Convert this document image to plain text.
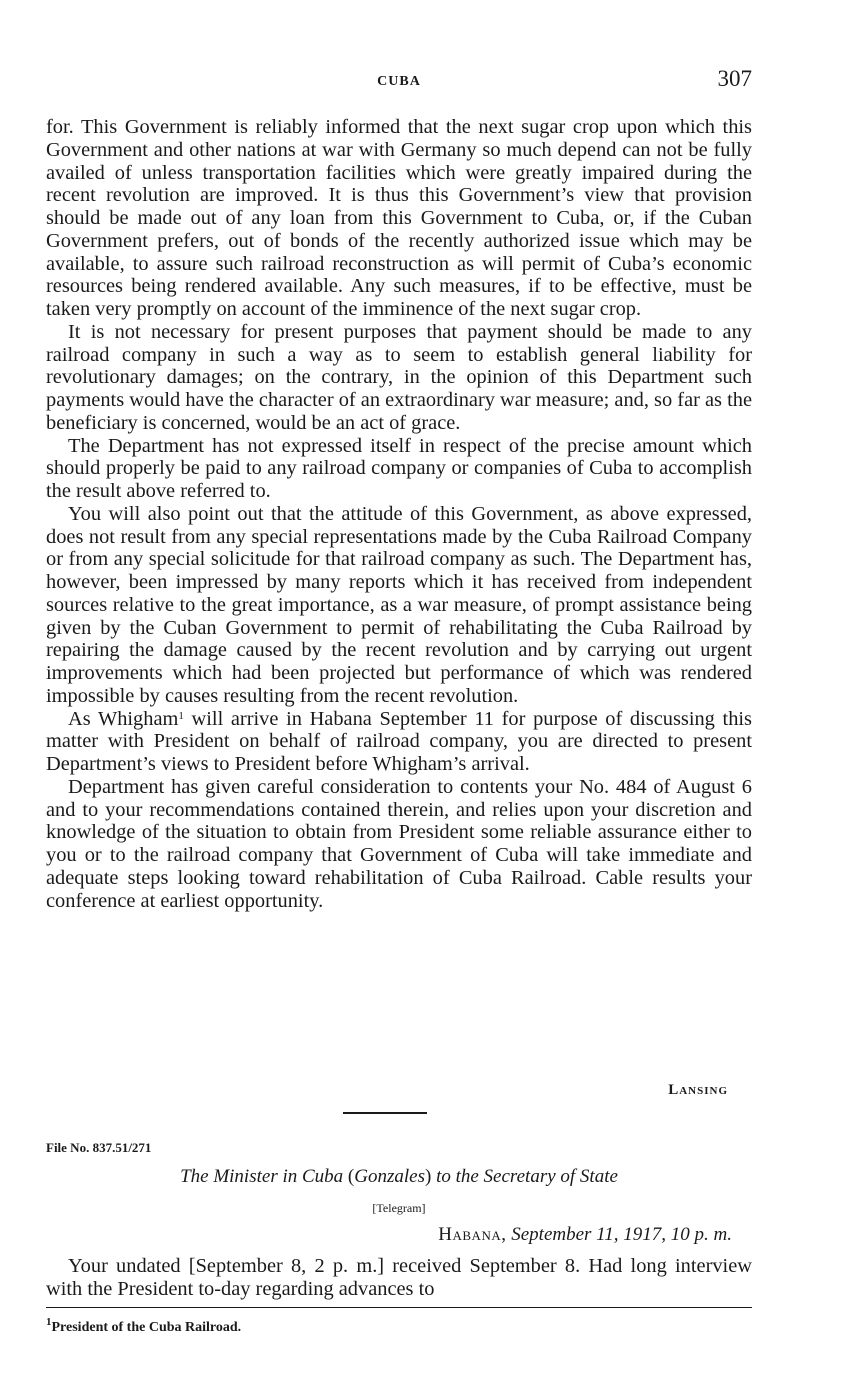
CUBA	307

for. This Government is reliably informed that the next sugar crop upon which this Government and other nations at war with Germany so much depend can not be fully availed of unless transportation facilities which were greatly impaired during the recent revolution are improved. It is thus this Government’s view that provision should be made out of any loan from this Government to Cuba, or, if the Cuban Government prefers, out of bonds of the recently authorized issue which may be available, to assure such railroad reconstruction as will permit of Cuba’s economic resources being rendered available. Any such measures, if to be effective, must be taken very promptly on account of the imminence of the next sugar crop.

It is not necessary for present purposes that payment should be made to any railroad company in such a way as to seem to establish general liability for revolutionary damages; on the contrary, in the opinion of this Department such payments would have the character of an extraordinary war measure; and, so far as the beneficiary is concerned, would be an act of grace.

The Department has not expressed itself in respect of the precise amount which should properly be paid to any railroad company or companies of Cuba to accomplish the result above referred to.

You will also point out that the attitude of this Government, as above expressed, does not result from any special representations made by the Cuba Railroad Company or from any special solicitude for that railroad company as such. The Department has, however, been impressed by many reports which it has received from independent sources relative to the great importance, as a war measure, of prompt assistance being given by the Cuban Government to permit of rehabilitating the Cuba Railroad by repairing the damage caused by the recent revolution and by carrying out urgent improvements which had been projected but performance of which was rendered impossible by causes resulting from the recent revolution.

As Whigham$^1$ will arrive in Habana September 11 for purpose of discussing this matter with President on behalf of railroad company, you are directed to present Department’s views to President before Whigham’s arrival.

Department has given careful consideration to contents your No. 484 of August 6 and to your recommendations contained therein, and relies upon your discretion and knowledge of the situation to obtain from President some reliable assurance either to you or to the railroad company that Government of Cuba will take immediate and adequate steps looking toward rehabilitation of Cuba Railroad. Cable results your conference at earliest opportunity.

Lansing
File No. 837.51/271
The Minister in Cuba (Gonzales) to the Secretary of State
[Telegram]
Habana, September 11, 1917, 10 p. m.

Your undated [September 8, 2 p. m.] received September 8. Had long interview with the President to-day regarding advances to

$^1$President of the Cuba Railroad.
